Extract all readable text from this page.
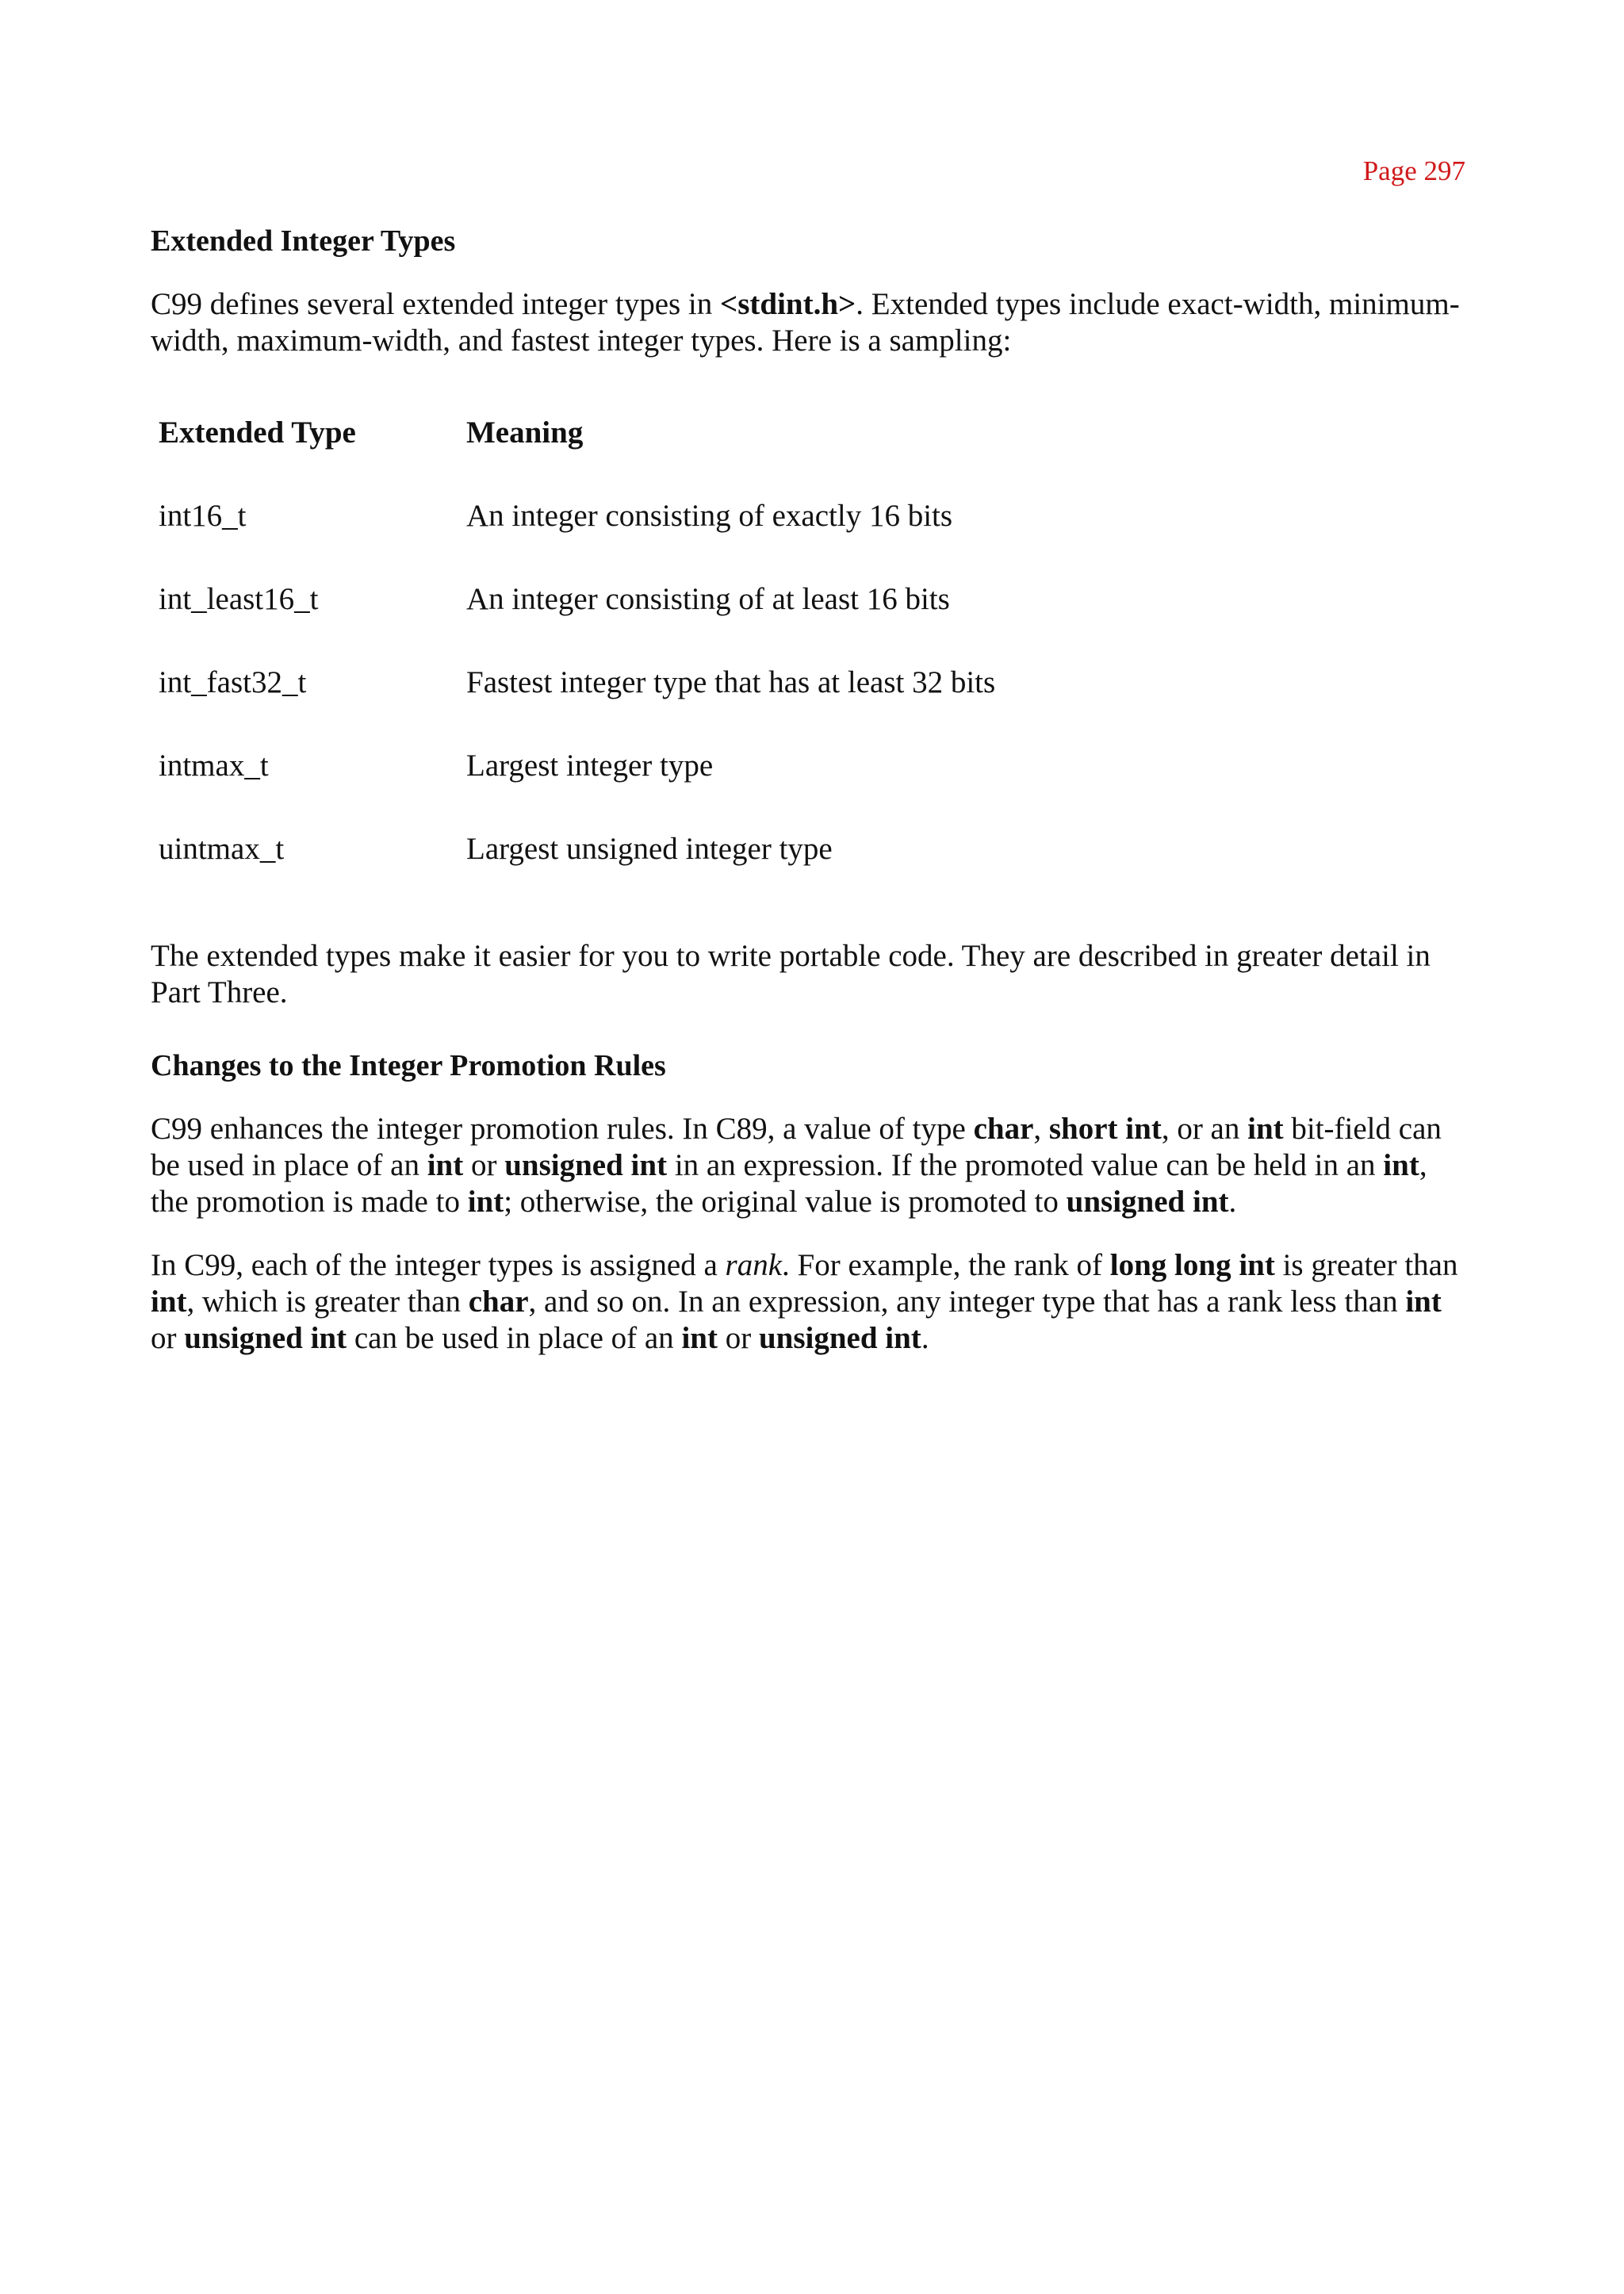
Page 297
Extended Integer Types

C99 defines several extended integer types in <stdint.h>. Extended types include exact-width, minimum-width, maximum-width, and fastest integer types. Here is a sampling:

Extended Type	Meaning
int16_t	An integer consisting of exactly 16 bits
int_least16_t	An integer consisting of at least 16 bits
int_fast32_t	Fastest integer type that has at least 32 bits
intmax_t	Largest integer type
uintmax_t	Largest unsigned integer type

The extended types make it easier for you to write portable code. They are described in greater detail in Part Three.

Changes to the Integer Promotion Rules

C99 enhances the integer promotion rules. In C89, a value of type char, short int, or an int bit-field can be used in place of an int or unsigned int in an expression. If the promoted value can be held in an int, the promotion is made to int; otherwise, the original value is promoted to unsigned int.

In C99, each of the integer types is assigned a rank. For example, the rank of long long int is greater than int, which is greater than char, and so on. In an expression, any integer type that has a rank less than int or unsigned int can be used in place of an int or unsigned int.
